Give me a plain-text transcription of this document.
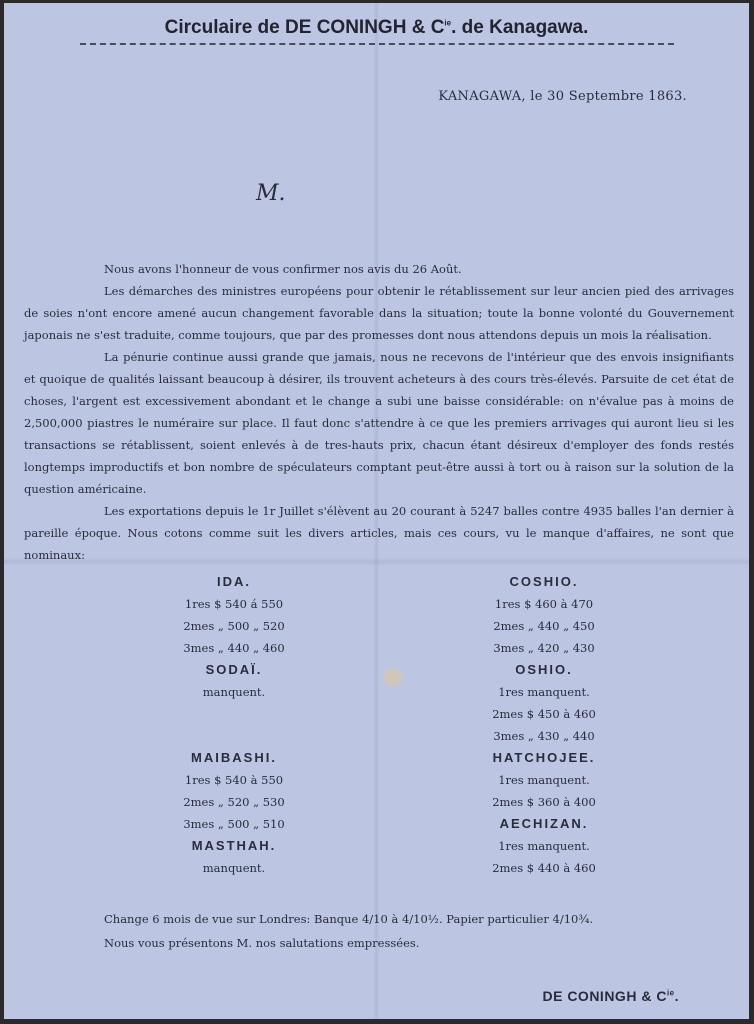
Circulaire de DE CONINGH & $C^{ie}$. de Kanagawa.
KANAGAWA, le 30 Septembre 1863.
M.

Nous avons l'honneur de vous confirmer nos avis du 26 Août.

Les démarches des ministres européens pour obtenir le rétablissement sur leur ancien pied des arrivages de soies n'ont encore amené aucun changement favorable dans la situation; toute la bonne volonté du Gouvernement japonais ne s'est traduite, comme toujours, que par des promesses dont nous attendons depuis un mois la réalisation.

La pénurie continue aussi grande que jamais, nous ne recevons de l'intérieur que des envois insignifiants et quoique de qualités laissant beaucoup à désirer, ils trouvent acheteurs à des cours très-élevés. Parsuite de cet état de choses, l'argent est excessivement abondant et le change a subi une baisse considérable: on n'évalue pas à moins de 2,500,000 piastres le numéraire sur place. Il faut donc s'attendre à ce que les premiers arrivages qui auront lieu si les transactions se rétablissent, soient enlevés à de tres-hauts prix, chacun étant désireux d'employer des fonds restés longtemps improductifs et bon nombre de spéculateurs comptant peut-être aussi à tort ou à raison sur la solution de la question américaine.

Les exportations depuis le 1r Juillet s'élèvent au 20 courant à 5247 balles contre 4935 balles l'an dernier à pareille époque. Nous cotons comme suit les divers articles, mais ces cours, vu le manque d'affaires, ne sont que nominaux:

IDA.
1res $ 540 á 550
2mes „ 500 „ 520
3mes „ 440 „ 460
SODAÏ.
manquent.

MAIBASHI.
1res $ 540 à 550
2mes „ 520 „ 530
3mes „ 500 „ 510
MASTHAH.
manquent.
COSHIO.
1res $ 460 à 470
2mes „ 440 „ 450
3mes „ 420 „ 430
OSHIO.
1res manquent.
2mes $ 450 à 460
3mes „ 430 „ 440
HATCHOJEE.
1res manquent.
2mes $ 360 à 400
AECHIZAN.
1res manquent.
2mes $ 440 à 460
Change 6 mois de vue sur Londres: Banque 4/10 à 4/10½. Papier particulier 4/10¾.
Nous vous présentons M. nos salutations empressées.
DE CONINGH & $C^{ie}$.
